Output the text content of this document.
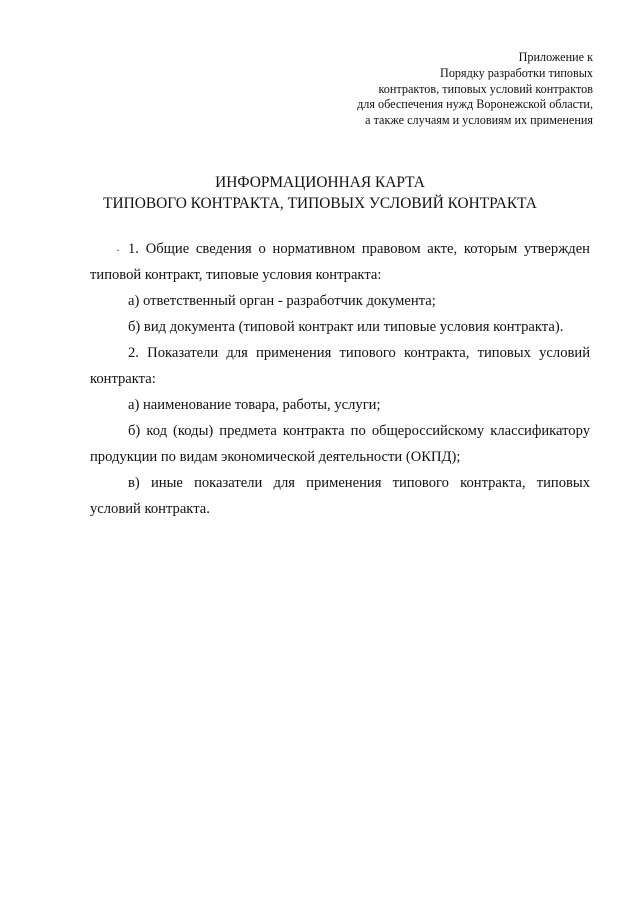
Приложение к
Порядку разработки типовых
контрактов, типовых условий контрактов
для обеспечения нужд Воронежской области,
а также случаям и условиям их применения
ИНФОРМАЦИОННАЯ КАРТА
ТИПОВОГО КОНТРАКТА, ТИПОВЫХ УСЛОВИЙ КОНТРАКТА
· 1. Общие сведения о нормативном правовом акте, которым утвержден типовой контракт, типовые условия контракта:
а) ответственный орган - разработчик документа;
б) вид документа (типовой контракт или типовые условия контракта).
2. Показатели для применения типового контракта, типовых условий контракта:
а) наименование товара, работы, услуги;
б) код (коды) предмета контракта по общероссийскому классификатору продукции по видам экономической деятельности (ОКПД);
в) иные показатели для применения типового контракта, типовых условий контракта.
